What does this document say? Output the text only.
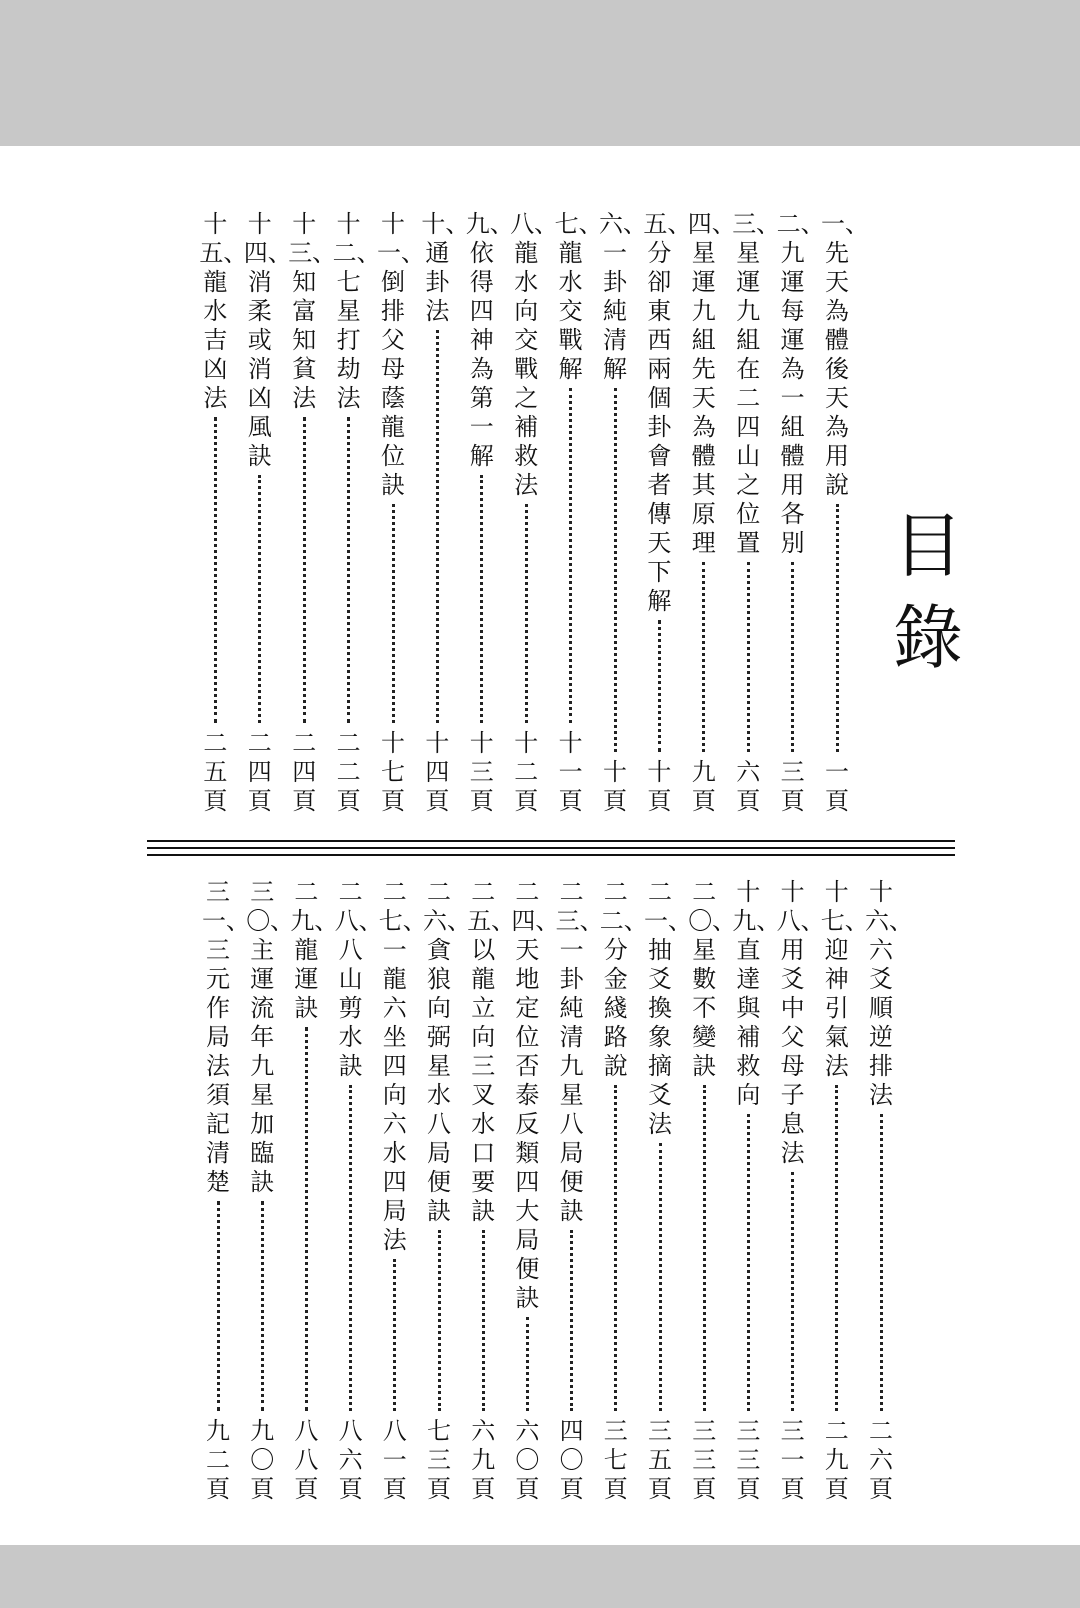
目錄
一、先天為體後天為用說
一頁
二、九運每運為一組體用各別
三頁
三、星運九組在二四山之位置
六頁
四、星運九組先天為體其原理
九頁
五、分卻東西兩個卦會者傳天下解
十頁
六、一卦純清解
十頁
七、龍水交戰解
十一頁
八、龍水向交戰之補救法
十二頁
九、依得四神為第一解
十三頁
十、通卦法
十四頁
十一、倒排父母蔭龍位訣
十七頁
十二、七星打劫法
二二頁
十三、知富知貧法
二四頁
十四、消柔或消凶風訣
二四頁
十五、龍水吉凶法
二五頁
十六、六爻順逆排法
二六頁
十七、迎神引氣法
二九頁
十八、用爻中父母子息法
三一頁
十九、直達與補救向
三三頁
二〇、星數不變訣
三三頁
二一、抽爻換象摘爻法
三五頁
二二、分金綫路說
三七頁
二三、一卦純清九星八局便訣
四〇頁
二四、天地定位否泰反類四大局便訣
六〇頁
二五、以龍立向三叉水口要訣
六九頁
二六、貪狼向弼星水八局便訣
七三頁
二七、一龍六坐四向六水四局法
八一頁
二八、八山剪水訣
八六頁
二九、龍運訣
八八頁
三〇、主運流年九星加臨訣
九〇頁
三一、三元作局法須記清楚
九二頁
